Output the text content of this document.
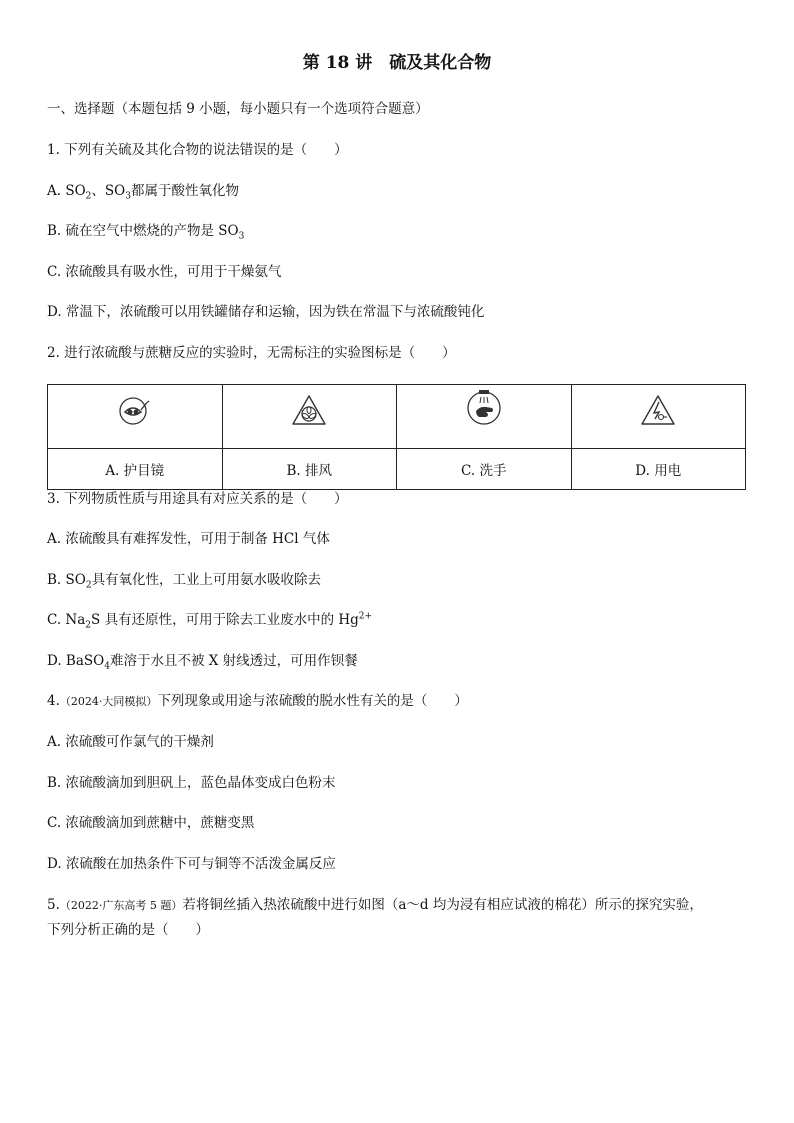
第 18 讲　硫及其化合物
一、选择题（本题包括 9 小题，每小题只有一个选项符合题意）
1. 下列有关硫及其化合物的说法错误的是（　　）
A. $SO_2$、$SO_3$都属于酸性氧化物
B. 硫在空气中燃烧的产物是 $SO_3$
C. 浓硫酸具有吸水性，可用于干燥氨气
D. 常温下，浓硫酸可以用铁罐储存和运输，因为铁在常温下与浓硫酸钝化
2. 进行浓硫酸与蔗糖反应的实验时，无需标注的实验图标是（　　）

A. 护目镜	B. 排风	C. 洗手	D. 用电
3. 下列物质性质与用途具有对应关系的是（　　）
A. 浓硫酸具有难挥发性，可用于制备 HCl 气体
B. $SO_2$具有氧化性，工业上可用氨水吸收除去
C. $Na_2S$ 具有还原性，可用于除去工业废水中的 $Hg^{2+}$
D. BaSO$_4$难溶于水且不被 X 射线透过，可用作钡餐
4.（2024·大同模拟）下列现象或用途与浓硫酸的脱水性有关的是（　　）
A. 浓硫酸可作氯气的干燥剂
B. 浓硫酸滴加到胆矾上，蓝色晶体变成白色粉末
C. 浓硫酸滴加到蔗糖中，蔗糖变黑
D. 浓硫酸在加热条件下可与铜等不活泼金属反应
5.（2022·广东高考 5 题）若将铜丝插入热浓硫酸中进行如图（a～d 均为浸有相应试液的棉花）所示的探究实验，
下列分析正确的是（　　）
